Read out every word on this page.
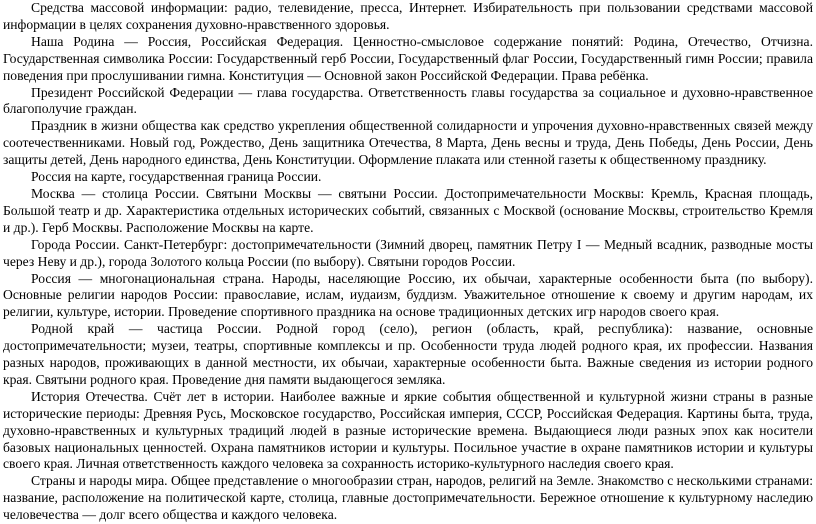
Средства массовой информации: радио, телевидение, пресса, Интернет. Избирательность при пользовании средствами массовой информации в целях сохранения духовно-нравственного здоровья.

Наша Родина — Россия, Российская Федерация. Ценностно-смысловое содержание понятий: Родина, Отечество, Отчизна. Государственная символика России: Государственный герб России, Государственный флаг России, Государственный гимн России; правила поведения при прослушивании гимна. Конституция — Основной закон Российской Федерации. Права ребёнка.

Президент Российской Федерации — глава государства. Ответственность главы государства за социальное и духовно-нравственное благополучие граждан.

Праздник в жизни общества как средство укрепления общественной солидарности и упрочения духовно-нравственных связей между соотечественниками. Новый год, Рождество, День защитника Отечества, 8 Марта, День весны и труда, День Победы, День России, День защиты детей, День народного единства, День Конституции. Оформление плаката или стенной газеты к общественному празднику.

Россия на карте, государственная граница России.

Москва — столица России. Святыни Москвы — святыни России. Достопримечательности Москвы: Кремль, Красная площадь, Большой театр и др. Характеристика отдельных исторических событий, связанных с Москвой (основание Москвы, строительство Кремля и др.). Герб Москвы. Расположение Москвы на карте.

Города России. Санкт-Петербург: достопримечательности (Зимний дворец, памятник Петру I — Медный всадник, разводные мосты через Неву и др.), города Золотого кольца России (по выбору). Святыни городов России.

Россия — многонациональная страна. Народы, населяющие Россию, их обычаи, характерные особенности быта (по выбору). Основные религии народов России: православие, ислам, иудаизм, буддизм. Уважительное отношение к своему и другим народам, их религии, культуре, истории. Проведение спортивного праздника на основе традиционных детских игр народов своего края.

Родной край — частица России. Родной город (село), регион (область, край, республика): название, основные достопримечательности; музеи, театры, спортивные комплексы и пр. Особенности труда людей родного края, их профессии. Названия разных народов, проживающих в данной местности, их обычаи, характерные особенности быта. Важные сведения из истории родного края. Святыни родного края. Проведение дня памяти выдающегося земляка.

История Отечества. Счёт лет в истории. Наиболее важные и яркие события общественной и культурной жизни страны в разные исторические периоды: Древняя Русь, Московское государство, Российская империя, СССР, Российская Федерация. Картины быта, труда, духовно-нравственных и культурных традиций людей в разные исторические времена. Выдающиеся люди разных эпох как носители базовых национальных ценностей. Охрана памятников истории и культуры. Посильное участие в охране памятников истории и культуры своего края. Личная ответственность каждого человека за сохранность историко-культурного наследия своего края.

Страны и народы мира. Общее представление о многообразии стран, народов, религий на Земле. Знакомство с несколькими странами: название, расположение на политической карте, столица, главные достопримечательности. Бережное отношение к культурному наследию человечества — долг всего общества и каждого человека.
